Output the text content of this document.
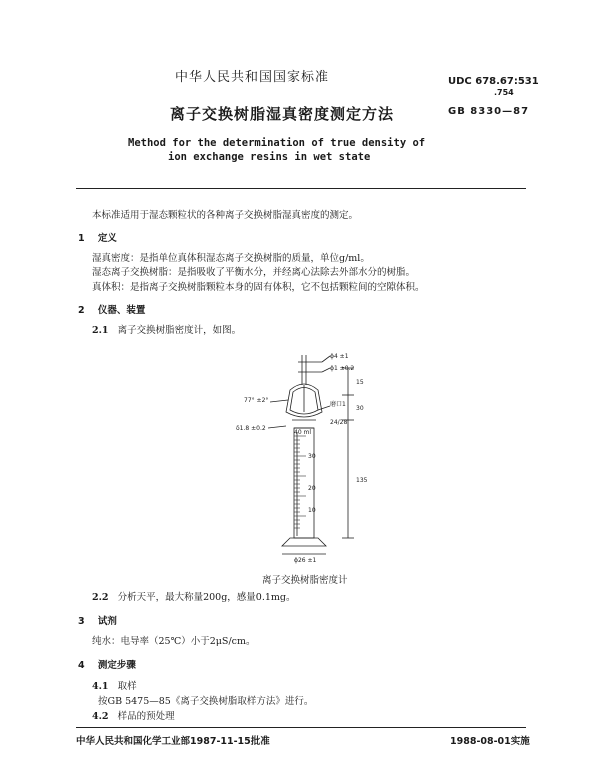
中华人民共和国国家标准	UDC 678.67:531
.754
GB 8330—87
离子交换树脂湿真密度测定方法
Method for the determination of true density of
ion exchange resins in wet state
本标准适用于湿态颗粒状的各种离子交换树脂湿真密度的测定。
1 定义
湿真密度：是指单位真体积湿态离子交换树脂的质量，单位g/ml。
湿态离子交换树脂：是指吸收了平衡水分，并经离心法除去外部水分的树脂。
真体积：是指离子交换树脂颗粒本身的固有体积，它不包括颗粒间的空隙体积。
2 仪器、装置
2.1 离子交换树脂密度计，如图。
ϕ4 ±1
ϕ1 ±0.2
77° ±2°
磨口1
24/28
δ1.8 ±0.2
40 ml
30
20
10
ϕ26 ±1
15
30
135
离子交换树脂密度计
2.2 分析天平，最大称量200g，感量0.1mg。
3 试剂
纯水：电导率（25℃）小于2μS/cm。
4 测定步骤
4.1 取样
按GB 5475—85《离子交换树脂取样方法》进行。
4.2 样品的预处理
中华人民共和国化学工业部1987-11-15批准	1988-08-01实施
